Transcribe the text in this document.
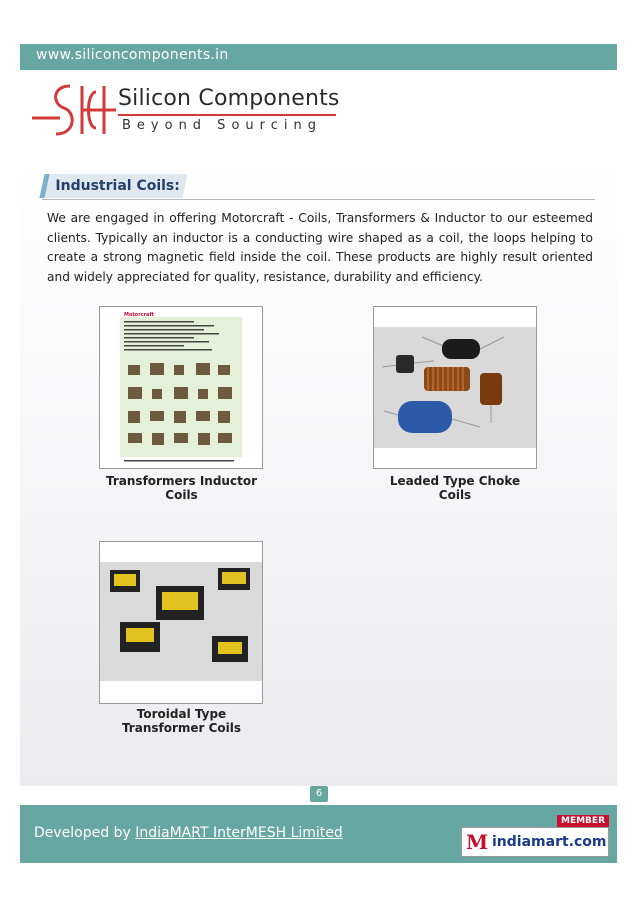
www.siliconcomponents.in
Silicon Components
Beyond Sourcing
Industrial Coils:
We are engaged in offering Motorcraft - Coils, Transformers & Inductor to our esteemed clients. Typically an inductor is a conducting wire shaped as a coil, the loops helping to create a strong magnetic field inside the coil. These products are highly result oriented and widely appreciated for quality, resistance, durability and efficiency.
Motorcraft
Transformers Inductor Coils
Leaded Type Choke Coils
Toroidal Type Transformer Coils
6
Developed by IndiaMART InterMESH Limited
MEMBER
M indiamart.com
